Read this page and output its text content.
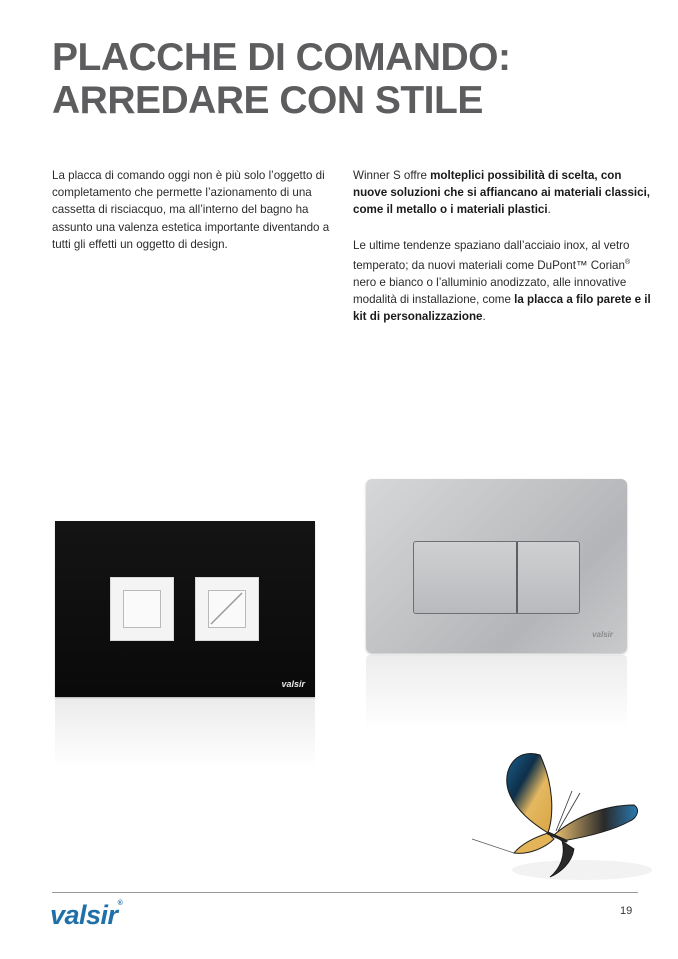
PLACCHE DI COMANDO:
ARREDARE CON STILE

La placca di comando oggi non è più solo l’oggetto di completamento che permette l’azionamento di una cassetta di risciacquo, ma all’interno del bagno ha assunto una valenza estetica importante diventando a tutti gli effetti un oggetto di design.

Winner S offre molteplici possibilità di scelta, con nuove soluzioni che si affiancano ai materiali classici, come il metallo o i materiali plastici.

Le ultime tendenze spaziano dall’acciaio inox, al vetro temperato; da nuovi materiali come DuPont™ Corian® nero e bianco o l’alluminio anodizzato, alle innovative modalità di installazione, come la placca a filo parete e il kit di personalizzazione.

valsir
valsir
valsir®
19
